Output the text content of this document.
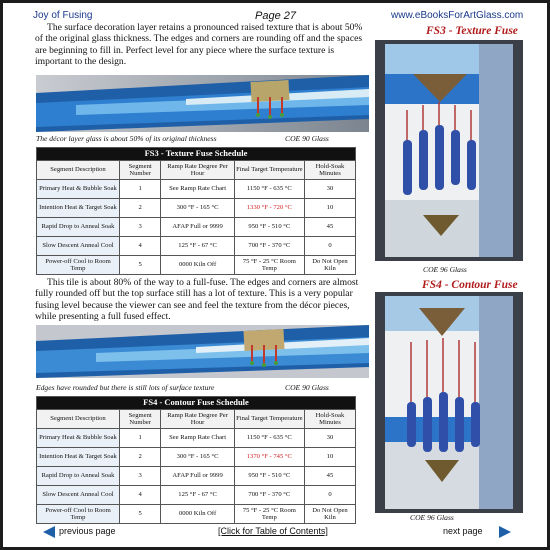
Joy of Fusing	Page 27	www.eBooksForArtGlass.com
The surface decoration layer retains a pronounced raised texture that is about 50% of the original glass thickness. The edges and corners are rounding off and the spaces are beginning to fill in. Perfect level for any piece where the surface texture is important to the design.
FS3 - Texture Fuse
The décor layer glass is about 50% of its original thickness	COE 90 Glass
COE 96 Glass
FS3 - Texture Fuse Schedule				
Segment Description	Segment Number	Ramp Rate Degree Per Hour	Final Target Temperature	Hold-Soak Minutes
Primary Heat & Bubble Soak	1	See Ramp Rate Chart	1150 °F - 635 °C	30
Intention Heat & Target Soak	2	300 °F - 165 °C	1330 °F - 720 °C	10
Rapid Drop to Anneal Soak	3	AFAP Full or 9999	950 °F - 510 °C	45
Slow Descent Anneal Cool	4	125 °F - 67 °C	700 °F - 370 °C	0
Power-off Cool to Room Temp	5	0000 Kiln Off	75 °F - 25 °C Room Temp	Do Not Open Kiln
This tile is about 80% of the way to a full-fuse. The edges and corners are almost fully rounded off but the top surface still has a lot of texture. This is a very popular fusing level because the viewer can see and feel the texture from the décor pieces, while presenting a full fused effect.
FS4 - Contour Fuse
Edges have rounded but there is still lots of surface texture	COE 90 Glass
COE 96 Glass
FS4 - Contour Fuse Schedule				
Segment Description	Segment Number	Ramp Rate Degree Per Hour	Final Target Temperature	Hold-Soak Minutes
Primary Heat & Bubble Soak	1	See Ramp Rate Chart	1150 °F - 635 °C	30
Intention Heat & Target Soak	2	300 °F - 165 °C	1370 °F - 745 °C	10
Rapid Drop to Anneal Soak	3	AFAP Full or 9999	950 °F - 510 °C	45
Slow Descent Anneal Cool	4	125 °F - 67 °C	700 °F - 370 °C	0
Power-off Cool to Room Temp	5	0000 Kiln Off	75 °F - 25 °C Room Temp	Do Not Open Kiln
previous page	[Click for Table of Contents]	next page
